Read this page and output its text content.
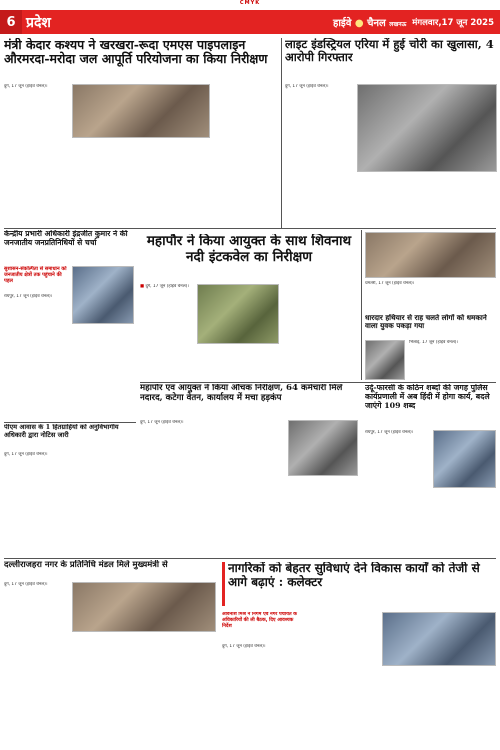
CMYK
6 प्रदेश	हाईवे ● चैनल लखनऊ मंगलवार,17 जून 2025
मंत्री केदार कश्यप ने खरखरा-रूदा एमएस पाइपलाइन औरमरदा-मरोदा जल आपूर्ति परियोजना का किया निरीक्षण
दुर्ग, 17 जून (हाईवे चैनल)।
लाइट इंडस्ट्रियल एरिया में हुई चोरी का खुलासा, 4 आरोपी गिरफ्तार
दुर्ग, 17 जून (हाईवे चैनल)।
केन्द्रीय प्रभारी अधिकारी इंद्रजीत कुमार ने की जनजातीय जनप्रतिनिधियों से चर्चा
सुशासन-संकल्पिता से समाधान को जनजातीय क्षेत्रों तक पहुंचाने की पहल
रायपुर, 17 जून (हाईवे चैनल)।
महापौर ने किया आयुक्त के साथ शिवनाथ नदी इंटकवेल का निरीक्षण
■ दुर्ग, 17 जून (हाईवे चैनल)।
धमतरी, 17 जून (हाईवे चैनल)।
धारदार हथियार से राह चलते लोगों को धमकाने वाला युवक पकड़ा गया
भिलाई, 17 जून (हाईवे चैनल)।
महापौर एवं आयुक्त ने किया औचक निरीक्षण, 64 कर्मचारी मिले नदारद, कटेगा वेतन, कार्यालय में मचा हड़कंप
दुर्ग, 17 जून (हाईवे चैनल)।
उर्दू-फारसी के कठिन शब्दों की जगह पुलिस कार्यप्रणाली में अब हिंदी में होगा कार्य, बदले जाएंगे 109 शब्द
रायपुर, 17 जून (हाईवे चैनल)।
पीएम आवास के 1 हितग्राहियों को अनुविभागीय अधिकारी द्वारा नोटिस जारी
दुर्ग, 17 जून (हाईवे चैनल)।
दल्लीराजहरा नगर के प्रतिनिधि मंडल मिले मुख्यमंत्री से
दुर्ग, 17 जून (हाईवे चैनल)।
नागरिकों को बेहतर सुविधाएं देने विकास कार्यों को तेजी से आगे बढ़ाएं : कलेक्टर
अविनाश मिश्र ने निगम एवं नगर पंचायत के अधिकारियों की ली बैठक, दिए आवश्यक निर्देश
दुर्ग, 17 जून (हाईवे चैनल)।
